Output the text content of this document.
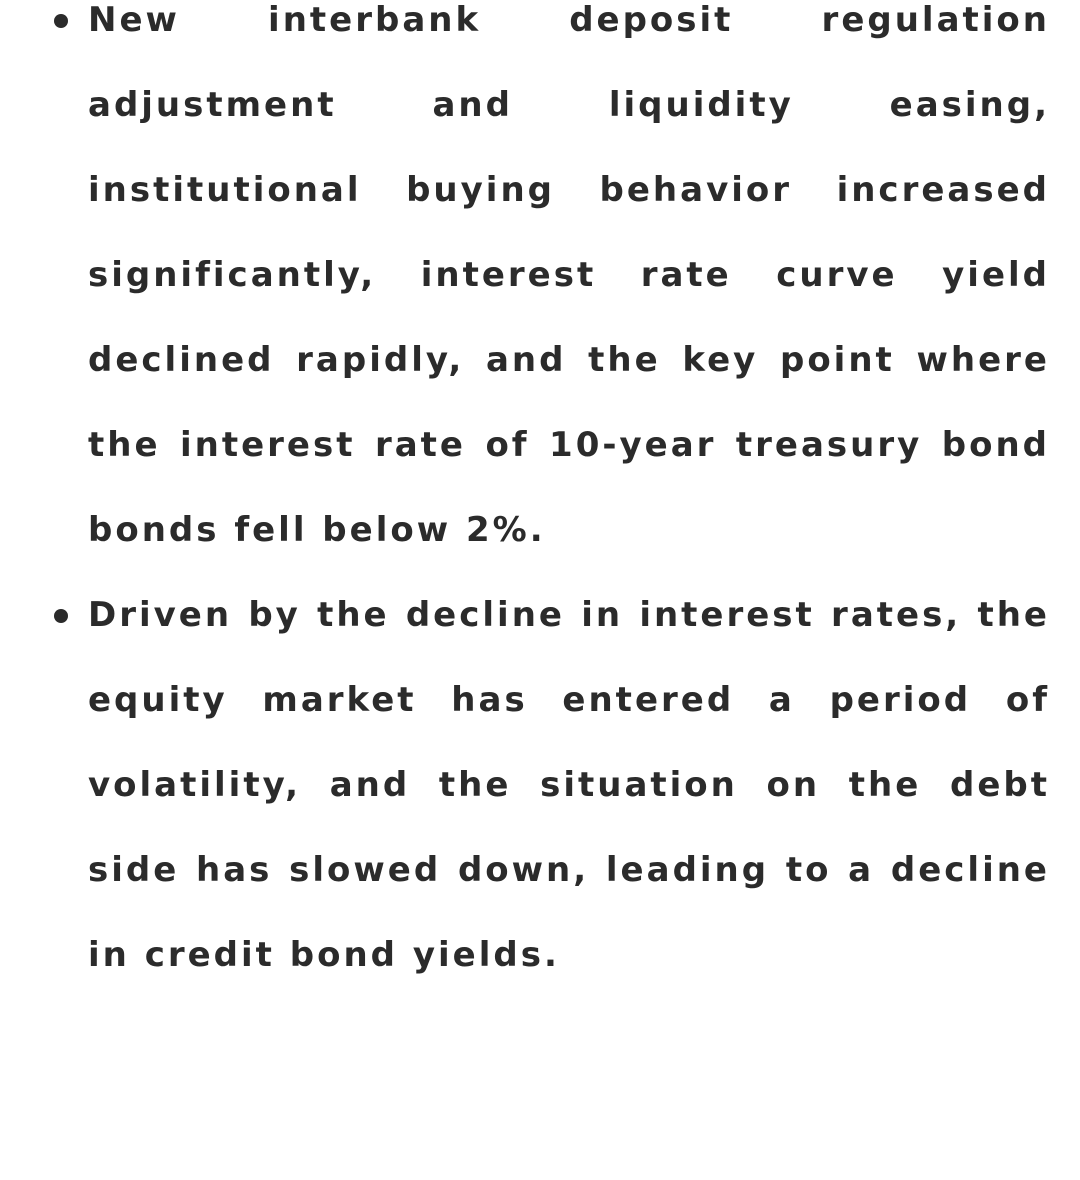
New interbank deposit regulation adjustment and liquidity easing, institutional buying behavior increased significantly, interest rate curve yield declined rapidly, and the key point where the interest rate of 10-year treasury bond bonds fell below 2%.
Driven by the decline in interest rates, the equity market has entered a period of volatility, and the situation on the debt side has slowed down, leading to a decline in credit bond yields.
